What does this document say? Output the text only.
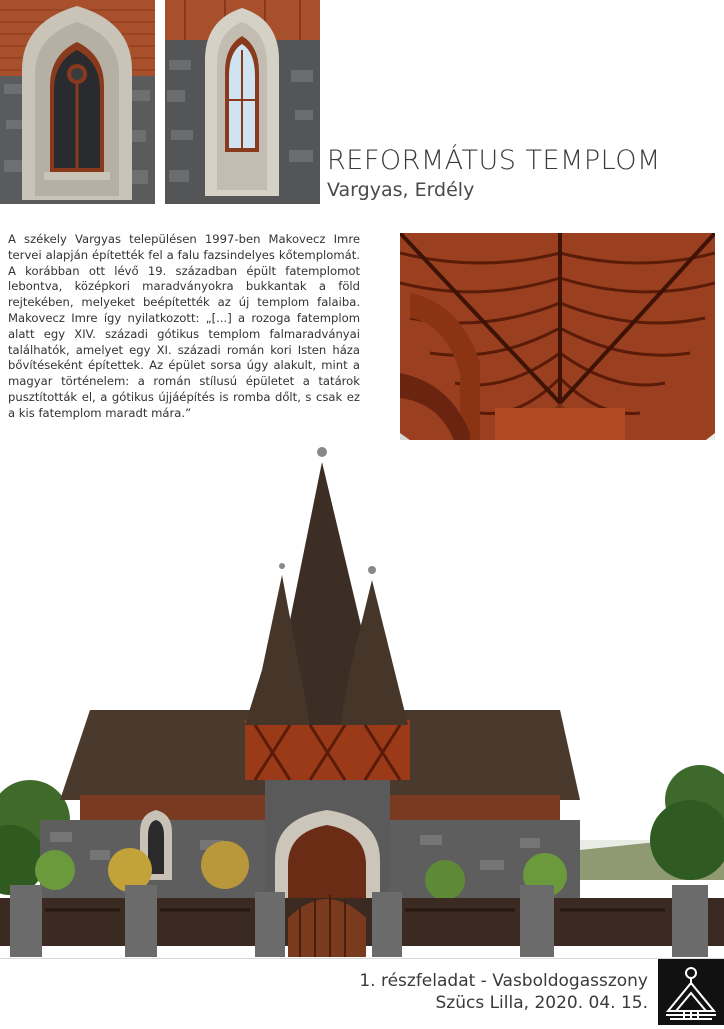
REFORMÁTUS TEMPLOM
Vargyas, Erdély

A székely Vargyas településen 1997-ben Makovecz Imre tervei alapján építették fel a falu fazsindelyes kőtemplomát. A korábban ott lévő 19. században épült fatemplomot lebontva, középkori maradványokra bukkantak a föld rejtekében, melyeket beépítették az új templom falaiba. Makovecz Imre így nyilatkozott: „[...] a rozoga fatemplom alatt egy XIV. századi gótikus templom falmaradványai találhatók, amelyet egy XI. századi román kori Isten háza bővítéseként építettek. Az épület sorsa úgy alakult, mint a magyar történelem: a román stílusú épületet a tatárok pusztították el, a gótikus újjáépítés is romba dőlt, s csak ez a kis fatemplom maradt mára.”

1. részfeladat - Vasboldogasszony
Szücs Lilla, 2020. 04. 15.
